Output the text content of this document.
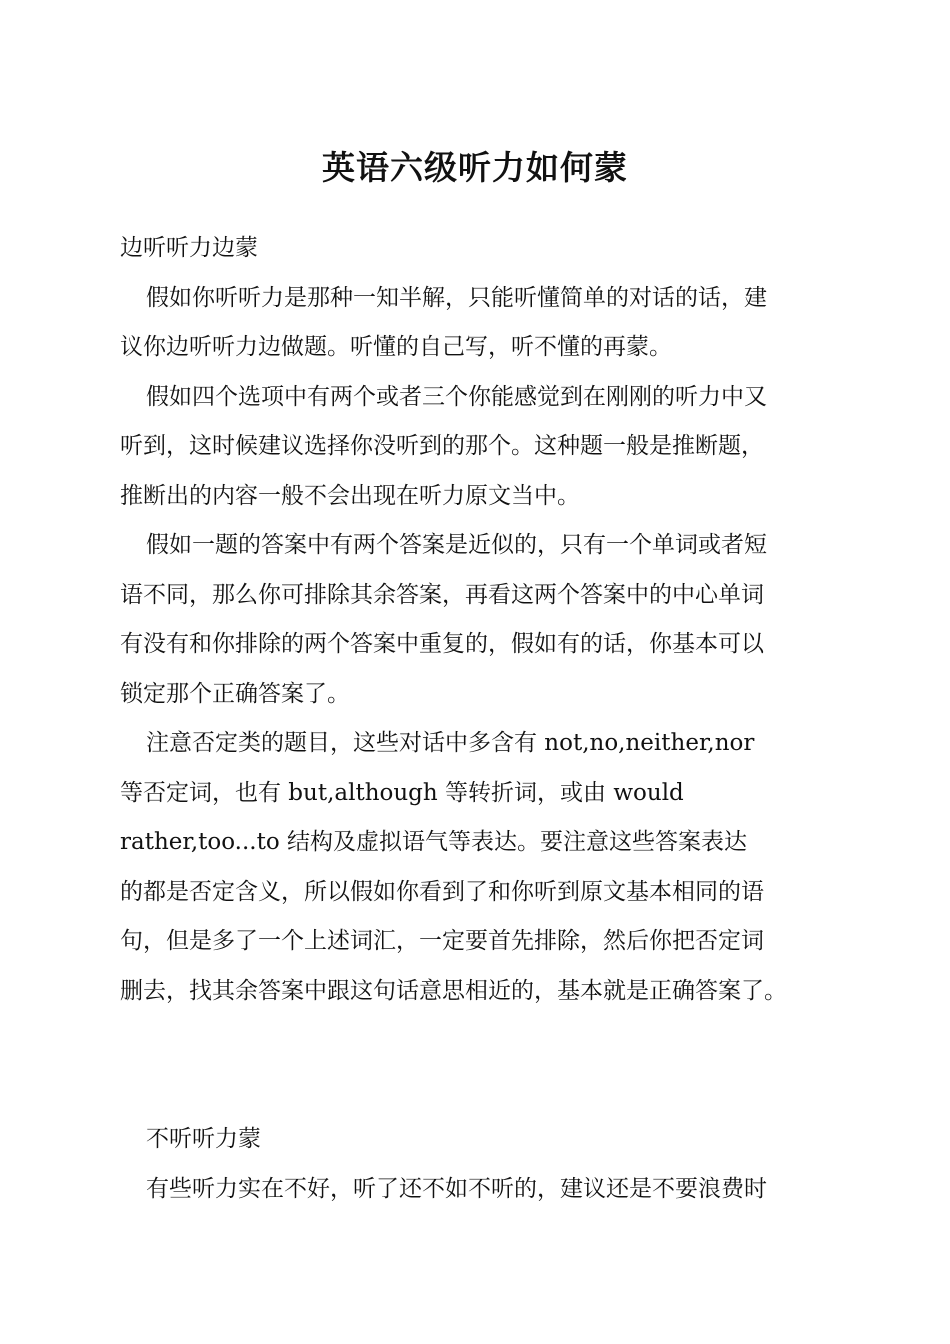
英语六级听力如何蒙
边听听力边蒙
假如你听听力是那种一知半解，只能听懂简单的对话的话，建
议你边听听力边做题。听懂的自己写，听不懂的再蒙。
假如四个选项中有两个或者三个你能感觉到在刚刚的听力中又
听到，这时候建议选择你没听到的那个。这种题一般是推断题，
推断出的内容一般不会出现在听力原文当中。
假如一题的答案中有两个答案是近似的，只有一个单词或者短
语不同，那么你可排除其余答案，再看这两个答案中的中心单词
有没有和你排除的两个答案中重复的，假如有的话，你基本可以
锁定那个正确答案了。
注意否定类的题目，这些对话中多含有 not,no,neither,nor
等否定词，也有 but,although 等转折词，或由 would
rather,too...to 结构及虚拟语气等表达。要注意这些答案表达
的都是否定含义，所以假如你看到了和你听到原文基本相同的语
句，但是多了一个上述词汇，一定要首先排除，然后你把否定词
删去，找其余答案中跟这句话意思相近的，基本就是正确答案了。
不听听力蒙
有些听力实在不好，听了还不如不听的，建议还是不要浪费时
